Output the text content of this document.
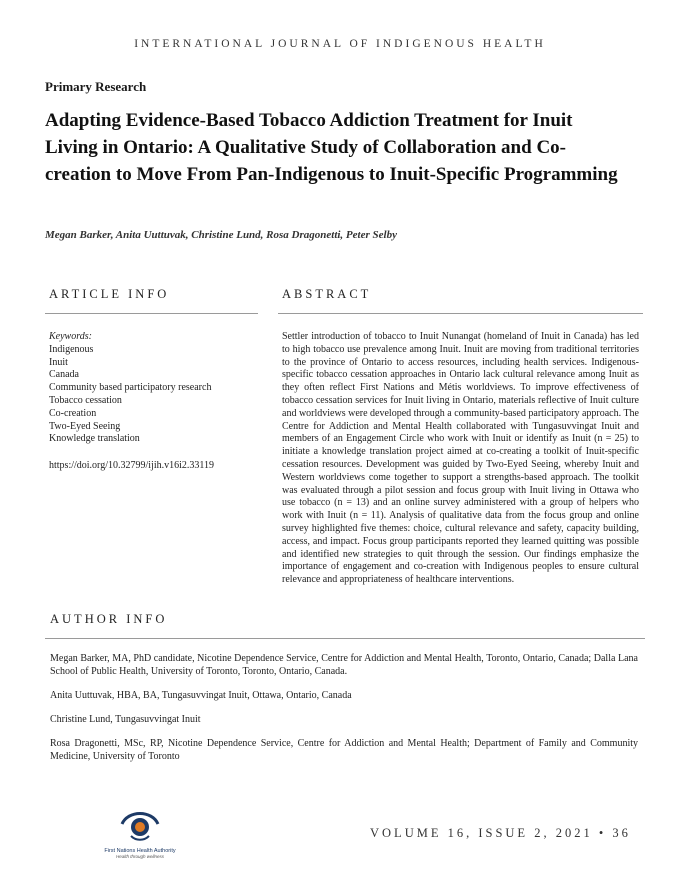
INTERNATIONAL JOURNAL OF INDIGENOUS HEALTH
Primary Research
Adapting Evidence-Based Tobacco Addiction Treatment for Inuit Living in Ontario: A Qualitative Study of Collaboration and Co-creation to Move From Pan-Indigenous to Inuit-Specific Programming
Megan Barker, Anita Uuttuvak, Christine Lund, Rosa Dragonetti, Peter Selby
ARTICLE INFO	ABSTRACT
Keywords:
Indigenous
Inuit
Canada
Community based participatory research
Tobacco cessation
Co-creation
Two-Eyed Seeing
Knowledge translation
https://doi.org/10.32799/ijih.v16i2.33119
Settler introduction of tobacco to Inuit Nunangat (homeland of Inuit in Canada) has led to high tobacco use prevalence among Inuit. Inuit are moving from traditional territories to the province of Ontario to access resources, including health services. Indigenous-specific tobacco cessation approaches in Ontario lack cultural relevance among Inuit as they often reflect First Nations and Métis worldviews. To improve effectiveness of tobacco cessation services for Inuit living in Ontario, materials reflective of Inuit culture and worldviews were developed through a community-based participatory approach. The Centre for Addiction and Mental Health collaborated with Tungasuvvingat Inuit and members of an Engagement Circle who work with Inuit or identify as Inuit (n = 25) to initiate a knowledge translation project aimed at co-creating a toolkit of Inuit-specific cessation resources. Development was guided by Two-Eyed Seeing, whereby Inuit and Western worldviews come together to support a strengths-based approach. The toolkit was evaluated through a pilot session and focus group with Inuit living in Ottawa who use tobacco (n = 13) and an online survey administered with a group of helpers who work with Inuit (n = 11). Analysis of qualitative data from the focus group and online survey highlighted five themes: choice, cultural relevance and safety, capacity building, access, and impact. Focus group participants reported they learned quitting was possible and identified new strategies to quit through the session. Our findings emphasize the importance of engagement and co-creation with Indigenous peoples to ensure cultural relevance and appropriateness of healthcare interventions.
AUTHOR INFO
Megan Barker, MA, PhD candidate, Nicotine Dependence Service, Centre for Addiction and Mental Health, Toronto, Ontario, Canada; Dalla Lana School of Public Health, University of Toronto, Toronto, Ontario, Canada.
Anita Uuttuvak, HBA, BA, Tungasuvvingat Inuit, Ottawa, Ontario, Canada
Christine Lund, Tungasuvvingat Inuit
Rosa Dragonetti, MSc, RP, Nicotine Dependence Service, Centre for Addiction and Mental Health; Department of Family and Community Medicine, University of Toronto
First Nations Health Authority
Health through wellness
VOLUME 16, ISSUE 2, 2021 • 36
